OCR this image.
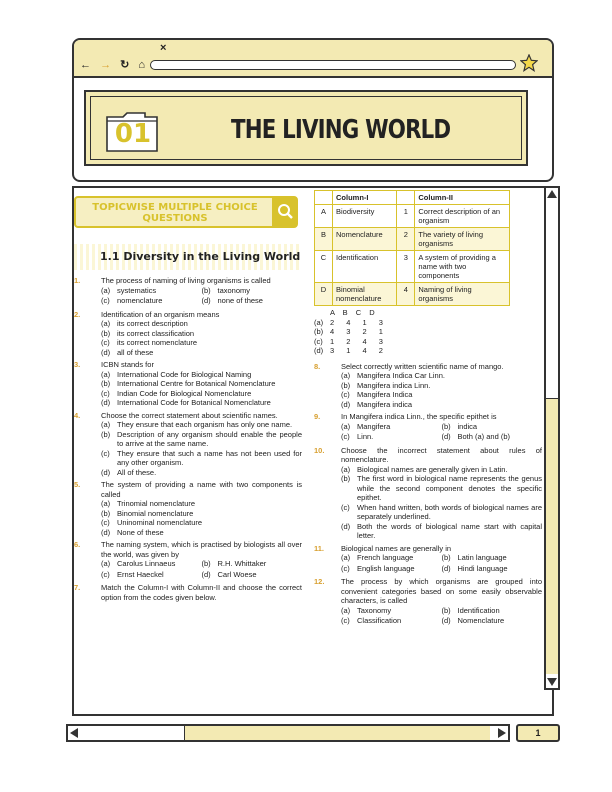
×
← → ↻ ⌂
01	THE LIVING WORLD
TOPICWISE MULTIPLE CHOICE QUESTIONS
1.1 Diversity in the Living World
1.	The process of naming of living organisms is called
(a) systematics	(b) taxonomy
(c) nomenclature	(d) none of these
2.	Identification of an organism means
(a) its correct description
(b) its correct classification
(c) its correct nomenclature
(d) all of these
3.	ICBN stands for
(a) International Code for Biological Naming
(b) International Centre for Botanical Nomenclature
(c) Indian Code for Biological Nomenclature
(d) International Code for Botanical Nomenclature
4.	Choose the correct statement about scientific names.
(a) They ensure that each organism has only one name.
(b) Description of any organism should enable the people to arrive at the same name.
(c) They ensure that such a name has not been used for any other organism.
(d) All of these.
5.	The system of providing a name with two components is called
(a) Trinomial nomenclature
(b) Binomial nomenclature
(c) Uninominal nomenclature
(d) None of these
6.	The naming system, which is practised by biologists all over the world, was given by
(a) Carolus Linnaeus	(b) R.H. Whittaker
(c) Ernst Haeckel	(d) Carl Woese
7.	Match the Column-I with Column-II and choose the correct option from the codes given below.
	Column-I		Column-II
A	Biodiversity	1	Correct description of an organism
B	Nomenclature	2	The variety of living organisms
C	Identification	3	A system of providing a name with two components
D	Binomial nomenclature	4	Naming of living organisms
A B C D
(a) 2 4 1 3
(b) 4 3 2 1
(c) 1 2 4 3
(d) 3 1 4 2
8.	Select correctly written scientific name of mango.
(a) Mangifera Indica Car Linn.
(b) Mangifera indica Linn.
(c) Mangifera Indica
(d) Mangifera indica
9.	In Mangifera indica Linn., the specific epithet is
(a) Mangifera	(b) indica
(c) Linn.	(d) Both (a) and (b)
10.	Choose the incorrect statement about rules of nomenclature.
(a) Biological names are generally given in Latin.
(b) The first word in biological name represents the genus while the second component denotes the specific epithet.
(c) When hand written, both words of biological names are separately underlined.
(d) Both the words of biological name start with capital letter.
11.	Biological names are generally in
(a) French language	(b) Latin language
(c) English language	(d) Hindi language
12.	The process by which organisms are grouped into convenient categories based on some easily observable characters, is called
(a) Taxonomy	(b) Identification
(c) Classification	(d) Nomenclature
1
